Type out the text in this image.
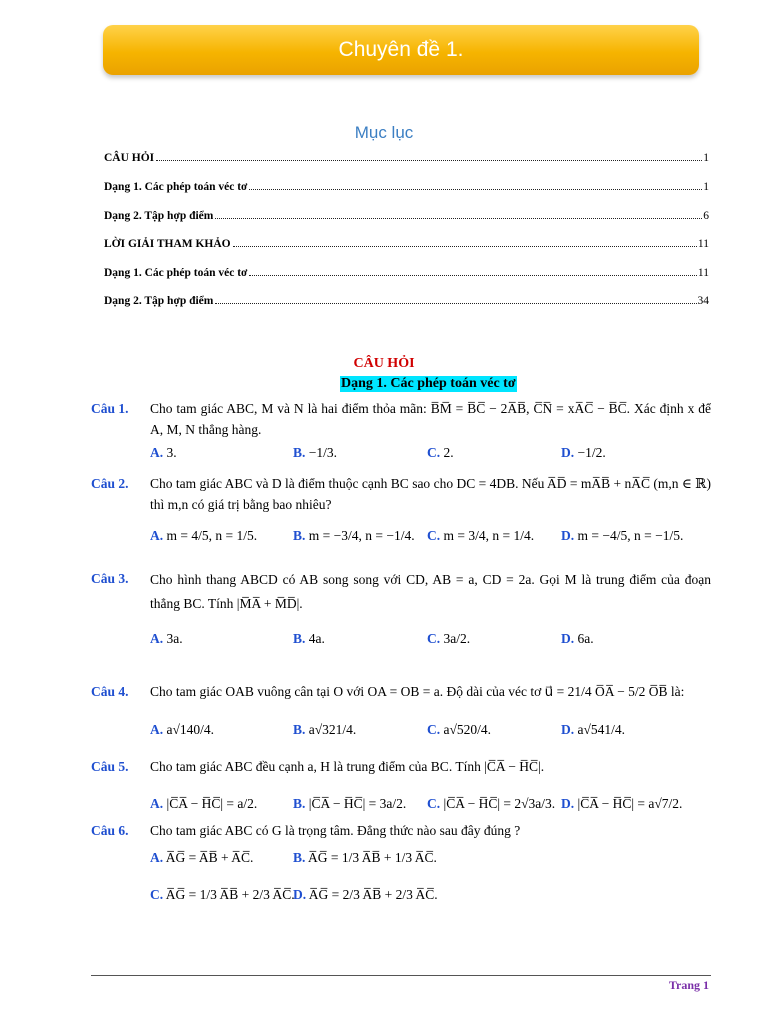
Chuyên đề 1.
Mục lục
CÂU HỎI	1
Dạng 1. Các phép toán véc tơ	1
Dạng 2. Tập hợp điểm	6
LỜI GIẢI THAM KHẢO	11
Dạng 1. Các phép toán véc tơ	11
Dạng 2. Tập hợp điểm	34
CÂU HỎI
Dạng 1. Các phép toán véc tơ
Câu 1. Cho tam giác ABC, M và N là hai điểm thỏa mãn: B̅M̅ = B̅C̅ − 2A̅B̅, C̅N̅ = xA̅C̅ − B̅C̅. Xác định x để A, M, N thẳng hàng.
A. 3.	B. −1/3.	C. 2.	D. −1/2.
Câu 2. Cho tam giác ABC và D là điểm thuộc cạnh BC sao cho DC = 4DB. Nếu A̅D̅ = mA̅B̅ + nA̅C̅ (m,n ∈ ℝ) thì m,n có giá trị bằng bao nhiêu?
A. m = 4/5, n = 1/5.	B. m = −3/4, n = −1/4. C. m = 3/4, n = 1/4. D. m = −4/5, n = −1/5.
Câu 3. Cho hình thang ABCD có AB song song với CD, AB = a, CD = 2a. Gọi M là trung điểm của đoạn thẳng BC. Tính |M̅A̅ + M̅D̅|.
A. 3a.	B. 4a.	C. 3a/2.	D. 6a.
Câu 4. Cho tam giác OAB vuông cân tại O với OA = OB = a. Độ dài của véc tơ u⃗ = 21/4 O̅A̅ − 5/2 O̅B̅ là:
A. a√140/4.	B. a√321/4.	C. a√520/4.	D. a√541/4.
Câu 5. Cho tam giác ABC đều cạnh a, H là trung điểm của BC. Tính |C̅A̅ − H̅C̅|.
A. |C̅A̅ − H̅C̅| = a/2.	B. |C̅A̅ − H̅C̅| = 3a/2. C. |C̅A̅ − H̅C̅| = 2√3a/3. D. |C̅A̅ − H̅C̅| = a√7/2.
Câu 6. Cho tam giác ABC có G là trọng tâm. Đẳng thức nào sau đây đúng ?
A. A̅G̅ = A̅B̅ + A̅C̅.	B. A̅G̅ = 1/3 A̅B̅ + 1/3 A̅C̅.
C. A̅G̅ = 1/3 A̅B̅ + 2/3 A̅C̅.
D. A̅G̅ = 2/3 A̅B̅ + 2/3 A̅C̅.
Trang 1
